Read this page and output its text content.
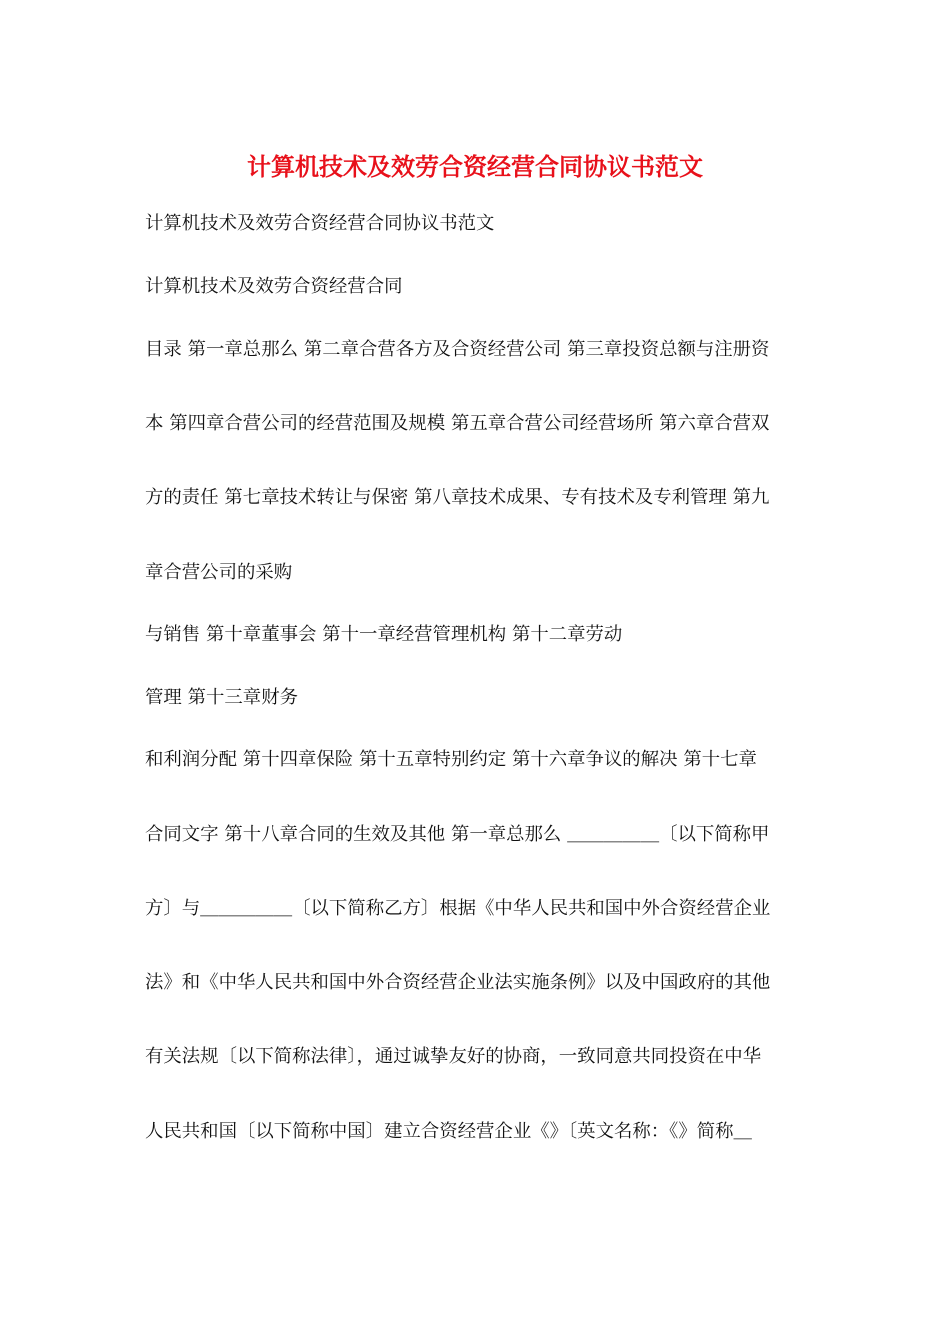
计算机技术及效劳合资经营合同协议书范文
计算机技术及效劳合资经营合同协议书范文
计算机技术及效劳合资经营合同
目录 第一章总那么 第二章合营各方及合资经营公司 第三章投资总额与注册资
本 第四章合营公司的经营范围及规模 第五章合营公司经营场所 第六章合营双
方的责任 第七章技术转让与保密 第八章技术成果、专有技术及专利管理 第九
章合营公司的采购
与销售 第十章董事会 第十一章经营管理机构 第十二章劳动
管理 第十三章财务
和利润分配 第十四章保险 第十五章特别约定 第十六章争议的解决 第十七章
合同文字 第十八章合同的生效及其他 第一章总那么 ＿＿＿＿＿〔以下简称甲
方〕与＿＿＿＿＿〔以下简称乙方〕根据《中华人民共和国中外合资经营企业
法》和《中华人民共和国中外合资经营企业法实施条例》以及中国政府的其他
有关法规〔以下简称法律〕，通过诚挚友好的协商，一致同意共同投资在中华
人民共和国〔以下简称中国〕建立合资经营企业《》〔英文名称：《》简称＿
